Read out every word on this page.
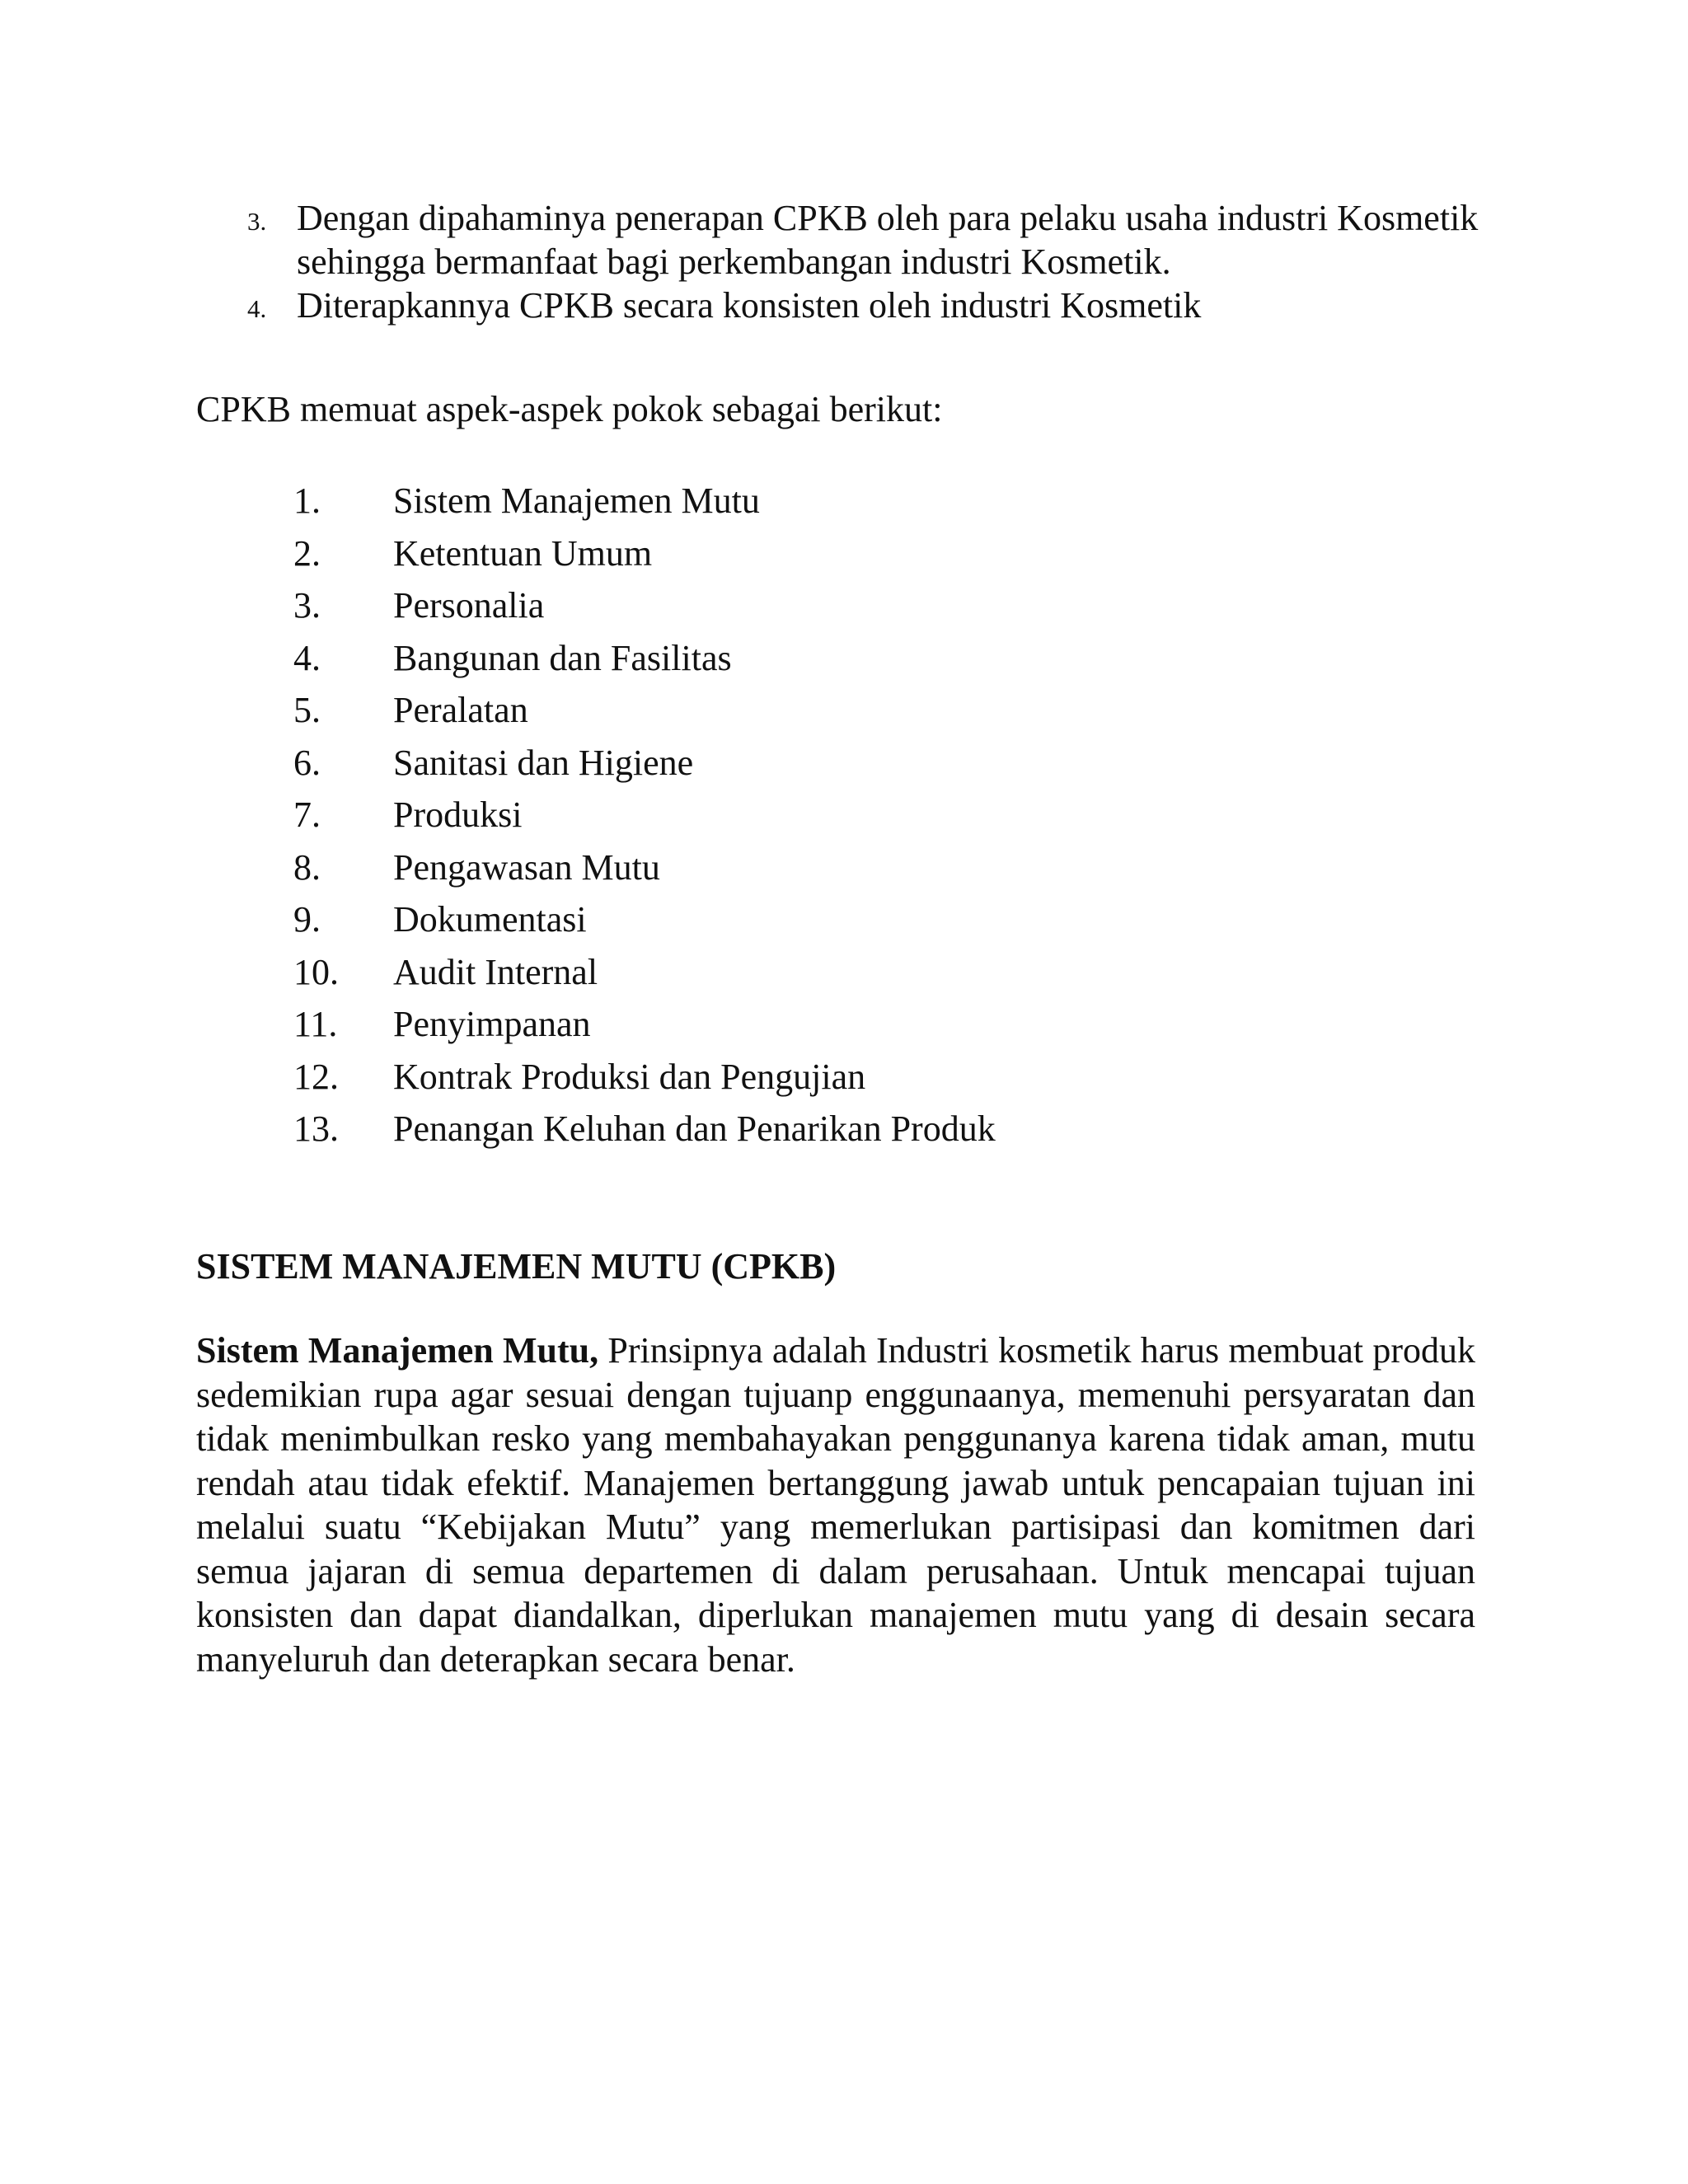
3. Dengan dipahaminya penerapan CPKB oleh para pelaku usaha industri Kosmetik sehingga bermanfaat bagi perkembangan industri Kosmetik.
4. Diterapkannya CPKB secara konsisten oleh industri Kosmetik
CPKB memuat aspek-aspek pokok sebagai berikut:
1.	Sistem Manajemen Mutu
2.	Ketentuan Umum
3.	Personalia
4.	Bangunan dan Fasilitas
5.	Peralatan
6.	Sanitasi dan Higiene
7.	Produksi
8.	Pengawasan Mutu
9.	Dokumentasi
10.	Audit Internal
11.	Penyimpanan
12.	Kontrak Produksi dan Pengujian
13.	Penangan Keluhan dan Penarikan Produk
SISTEM MANAJEMEN MUTU (CPKB)
Sistem Manajemen Mutu, Prinsipnya adalah Industri kosmetik harus membuat produk sedemikian rupa agar sesuai dengan tujuanp enggunaanya, memenuhi persyaratan dan tidak menimbulkan resko yang membahayakan penggunanya karena tidak aman, mutu rendah atau tidak efektif. Manajemen bertanggung jawab untuk pencapaian tujuan ini melalui suatu “Kebijakan Mutu” yang memerlukan partisipasi dan komitmen dari semua jajaran di semua departemen di dalam perusahaan. Untuk mencapai tujuan konsisten dan dapat diandalkan, diperlukan manajemen mutu yang di desain secara manyeluruh dan deterapkan secara benar.
